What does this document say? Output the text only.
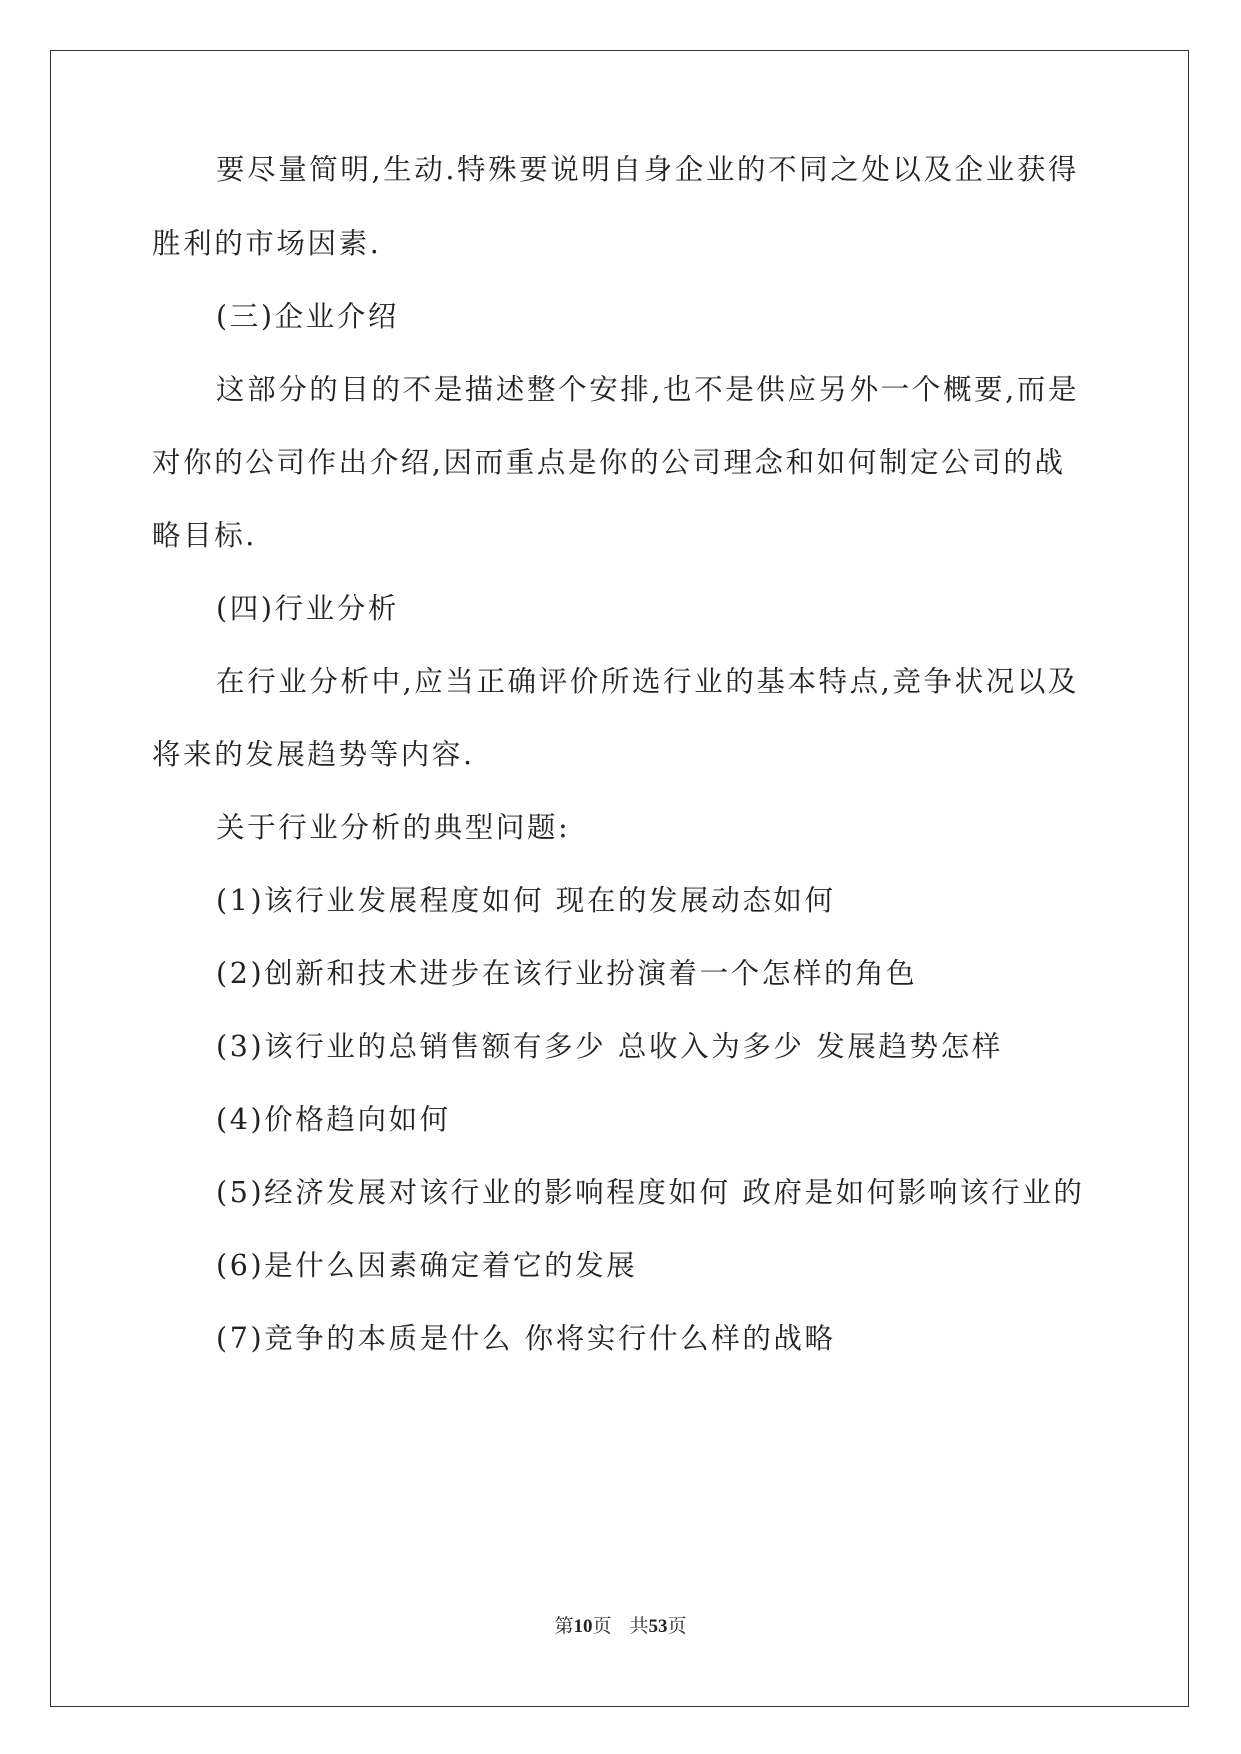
要尽量简明,生动.特殊要说明自身企业的不同之处以及企业获得
胜利的市场因素.
(三)企业介绍
这部分的目的不是描述整个安排,也不是供应另外一个概要,而是
对你的公司作出介绍,因而重点是你的公司理念和如何制定公司的战
略目标.
(四)行业分析
在行业分析中,应当正确评价所选行业的基本特点,竞争状况以及
将来的发展趋势等内容.
关于行业分析的典型问题:
(1)该行业发展程度如何 现在的发展动态如何
(2)创新和技术进步在该行业扮演着一个怎样的角色
(3)该行业的总销售额有多少 总收入为多少 发展趋势怎样
(4)价格趋向如何
(5)经济发展对该行业的影响程度如何 政府是如何影响该行业的
(6)是什么因素确定着它的发展
(7)竞争的本质是什么 你将实行什么样的战略
第10页 共53页
